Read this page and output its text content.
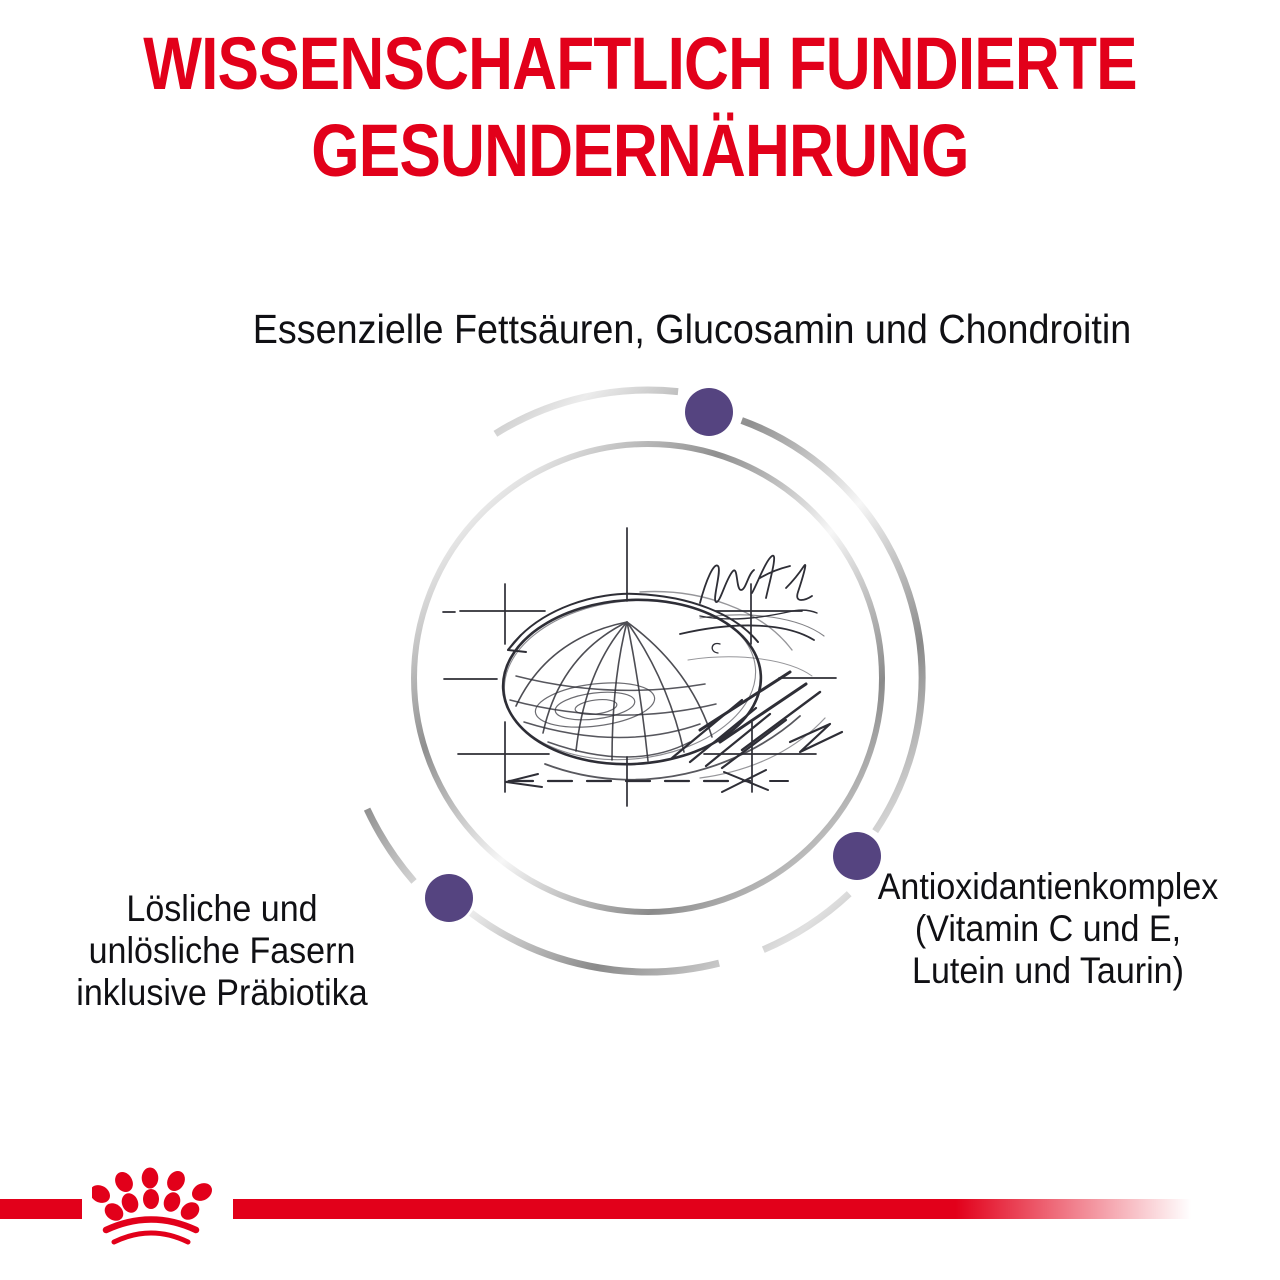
WISSENSCHAFTLICH FUNDIERTE
GESUNDERNÄHRUNG
Essenzielle Fettsäuren, Glucosamin und Chondroitin
Lösliche und
unlösliche Fasern
inklusive Präbiotika
Antioxidantienkomplex
(Vitamin C und E,
Lutein und Taurin)
